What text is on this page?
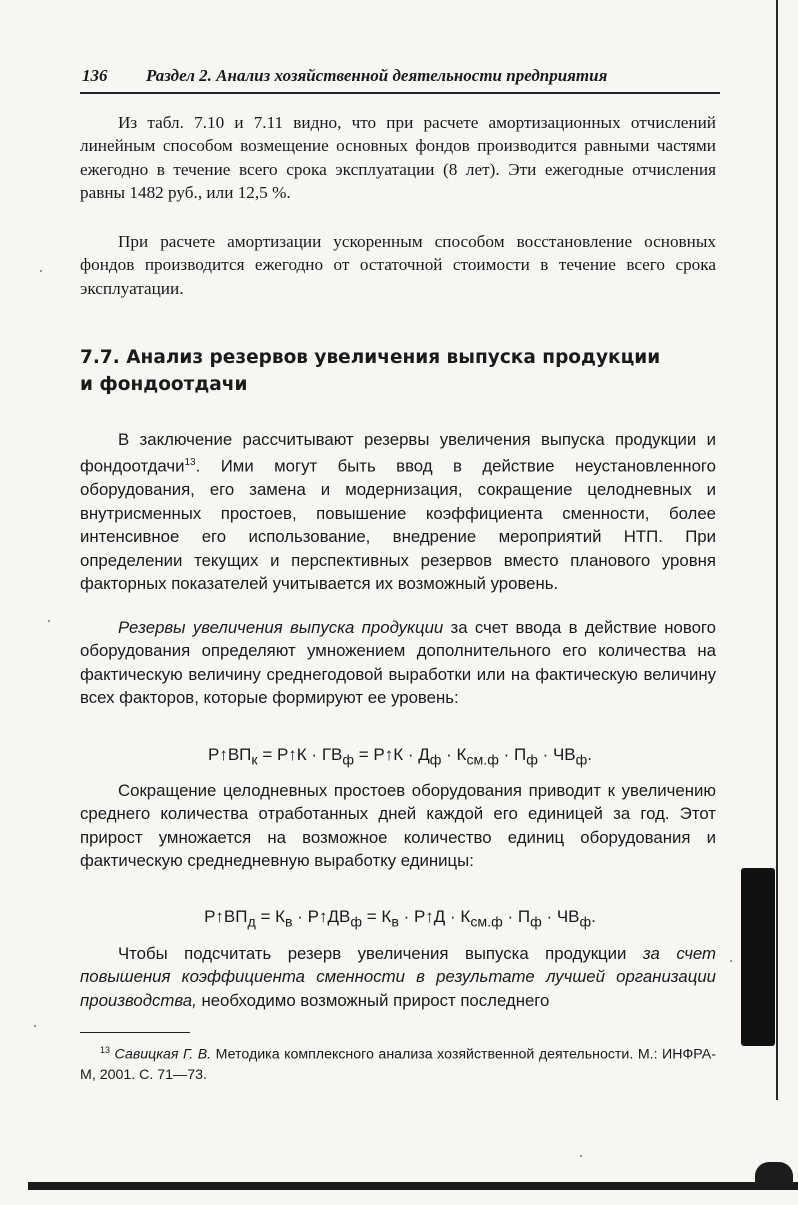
136 Раздел 2. Анализ хозяйственной деятельности предприятия

Из табл. 7.10 и 7.11 видно, что при расчете амортизационных отчислений линейным способом возмещение основных фондов производится равными частями ежегодно в течение всего срока эксплуатации (8 лет). Эти ежегодные отчисления равны 1482 руб., или 12,5 %.

При расчете амортизации ускоренным способом восстановление основных фондов производится ежегодно от остаточной стоимости в течение всего срока эксплуатации.

7.7. Анализ резервов увеличения выпуска продукции
и фондоотдачи

В заключение рассчитывают резервы увеличения выпуска продукции и фондоотдачи$^{13}$. Ими могут быть ввод в действие неустановленного оборудования, его замена и модернизация, сокращение целодневных и внутрисменных простоев, повышение коэффициента сменности, более интенсивное его использование, внедрение мероприятий НТП. При определении текущих и перспективных резервов вместо планового уровня факторных показателей учитывается их возможный уровень.

Резервы увеличения выпуска продукции за счет ввода в действие нового оборудования определяют умножением дополнительного его количества на фактическую величину среднегодовой выработки или на фактическую величину всех факторов, которые формируют ее уровень:

$Р↑ВП_к$ = Р↑К · $ГВ_ф$ = Р↑К · $Д_ф \cdot К_{см.ф} \cdot П_ф \cdot ЧВ_ф$.

Сокращение целодневных простоев оборудования приводит к увеличению среднего количества отработанных дней каждой его единицей за год. Этот прирост умножается на возможное количество единиц оборудования и фактическую среднедневную выработку единицы:

$Р↑ВП_д = К_в$ · $Р↑ДВ_ф = К_в$ · Р↑Д · $К_{см.ф} \cdot П_ф \cdot ЧВ_ф$.

Чтобы подсчитать резерв увеличения выпуска продукции за счет повышения коэффициента сменности в результате лучшей организации производства, необходимо возможный прирост последнего

$^{13}$ Савицкая Г. В. Методика комплексного анализа хозяйственной деятельности. М.: ИНФРА-М, 2001. С. 71—73.
